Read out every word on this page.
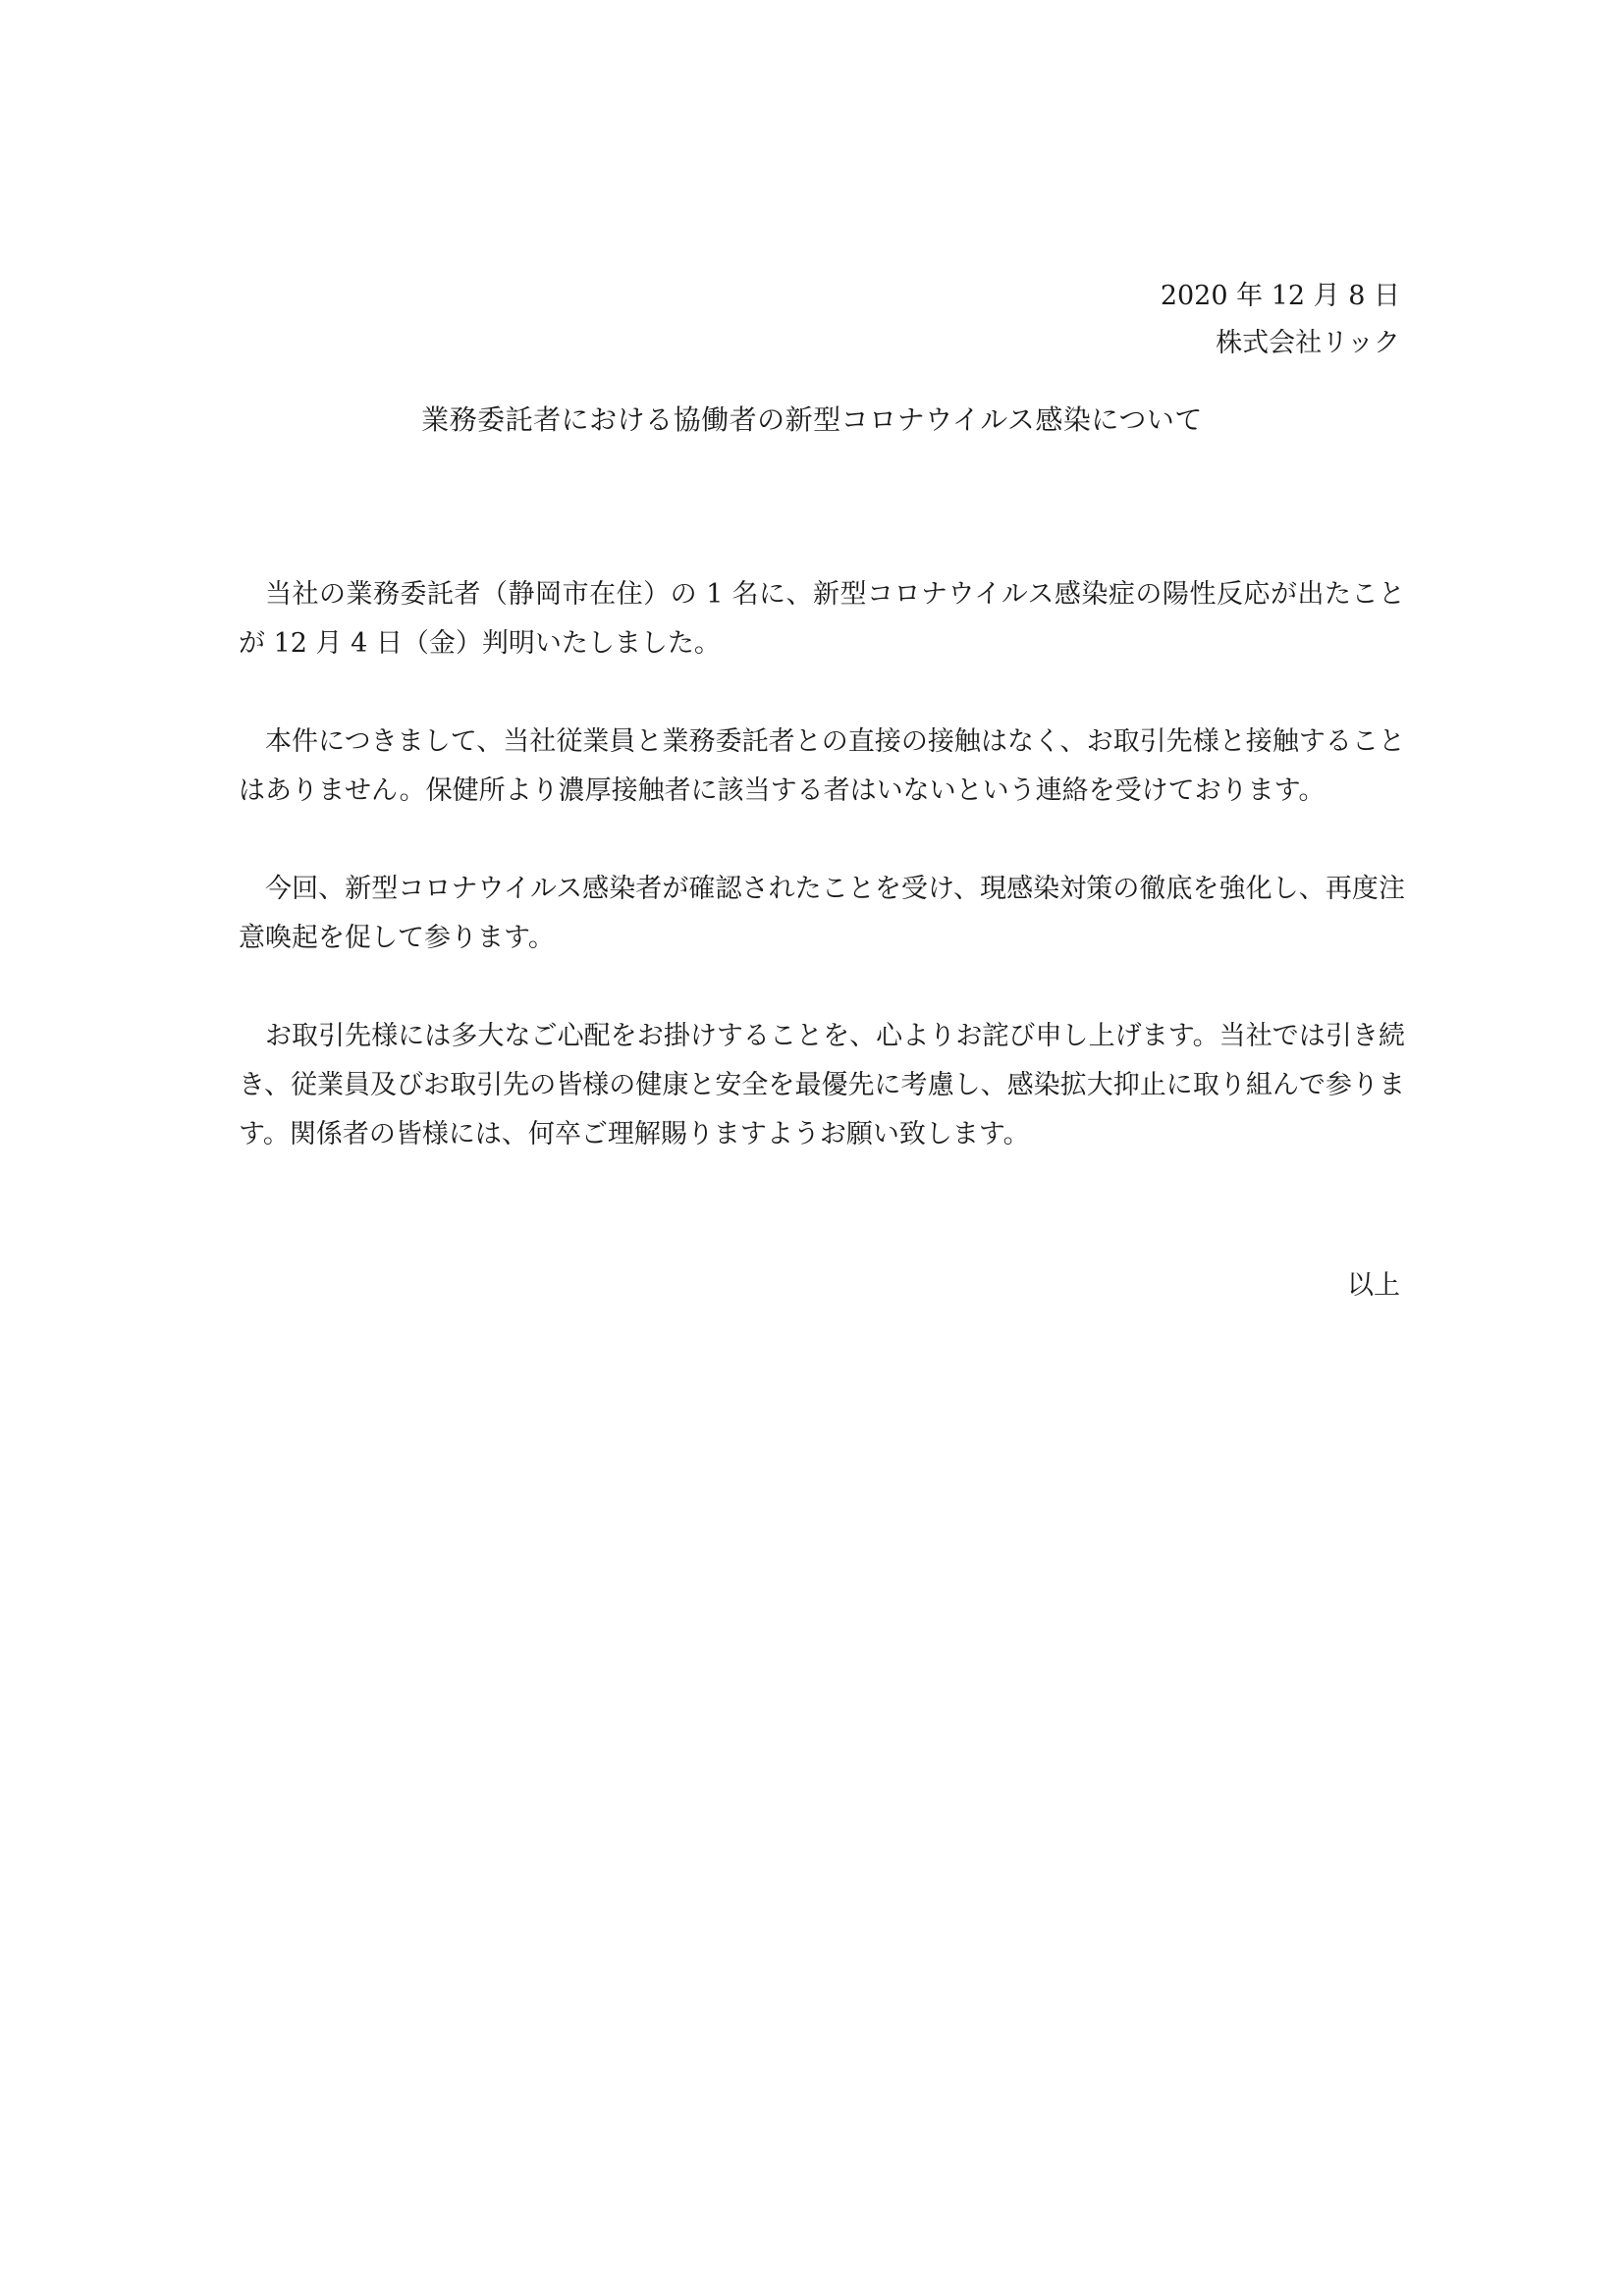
2020 年 12 月 8 日
株式会社リック
業務委託者における協働者の新型コロナウイルス感染について

当社の業務委託者（静岡市在住）の 1 名に、新型コロナウイルス感染症の陽性反応が出たことが 12 月 4 日（金）判明いたしました。

本件につきまして、当社従業員と業務委託者との直接の接触はなく、お取引先様と接触することはありません。保健所より濃厚接触者に該当する者はいないという連絡を受けております。

今回、新型コロナウイルス感染者が確認されたことを受け、現感染対策の徹底を強化し、再度注意喚起を促して参ります。

お取引先様には多大なご心配をお掛けすることを、心よりお詫び申し上げます。当社では引き続き、従業員及びお取引先の皆様の健康と安全を最優先に考慮し、感染拡大抑止に取り組んで参ります。関係者の皆様には、何卒ご理解賜りますようお願い致します。

以上
